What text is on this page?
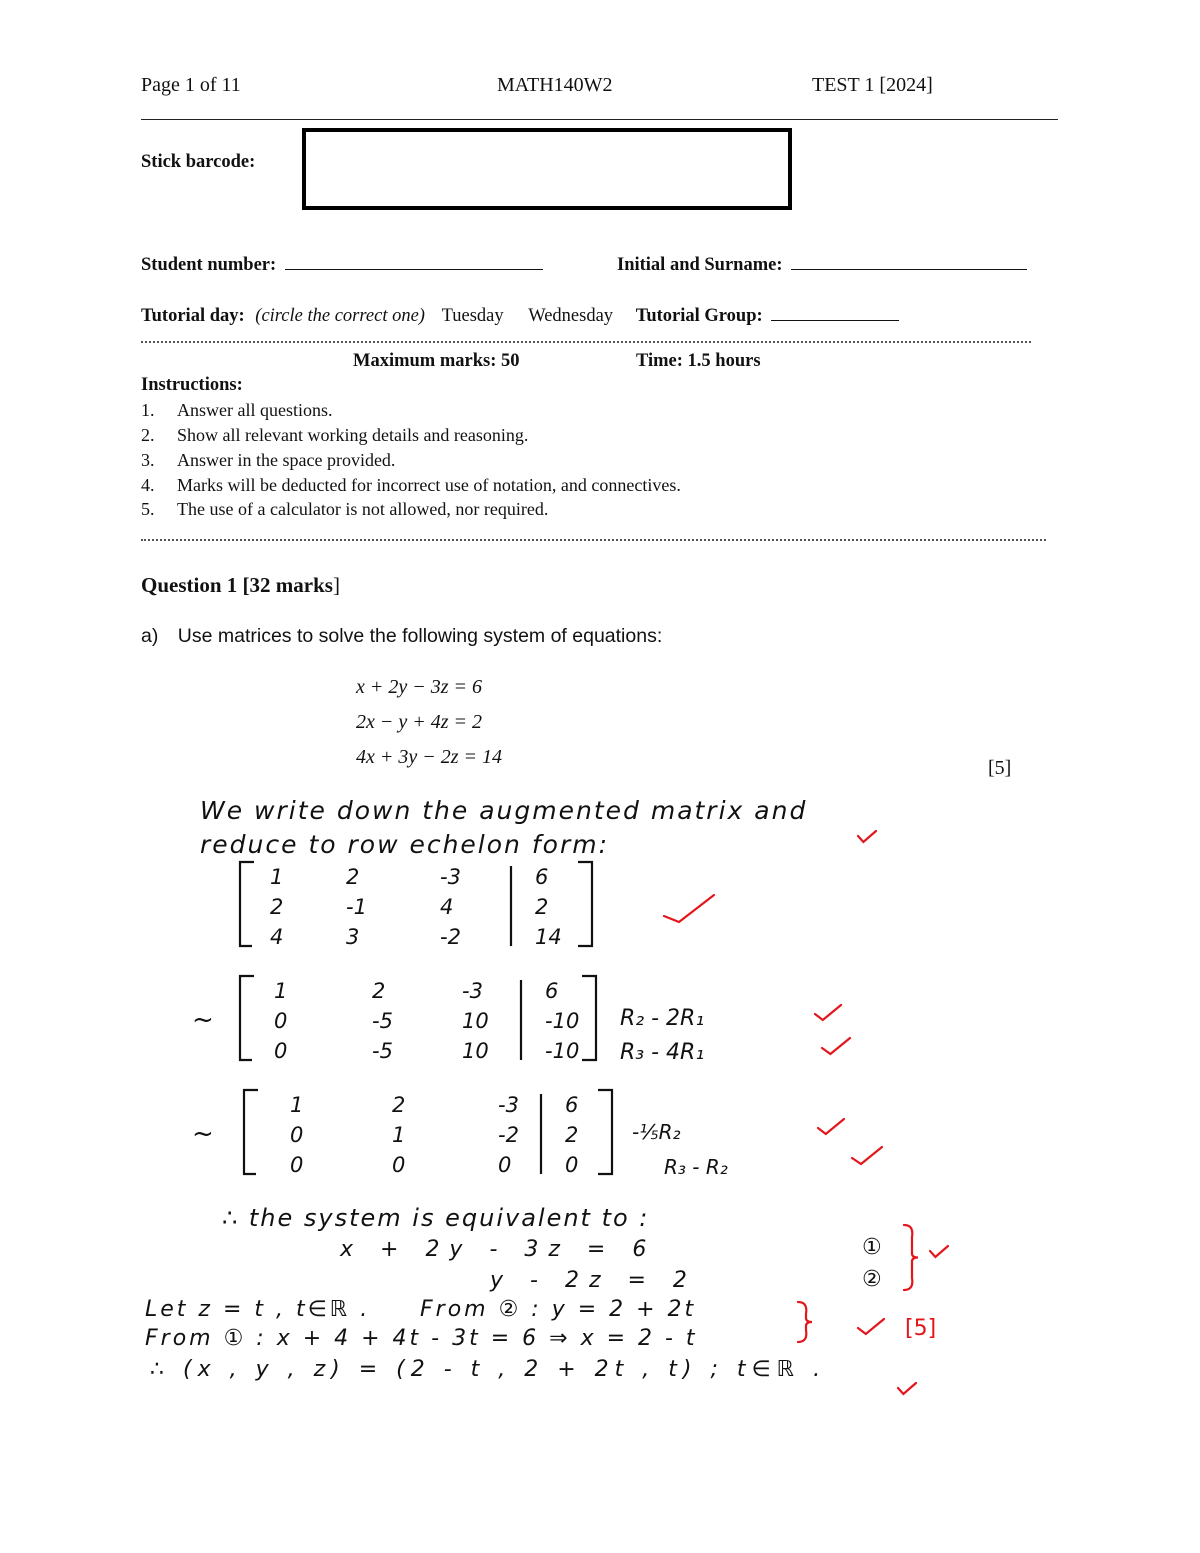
Page 1 of 11	MATH140W2	TEST 1 [2024]
Stick barcode:
Student number:	Initial and Surname:
Tutorial day: (circle the correct one) Tuesday Wednesday Tutorial Group:
Maximum marks: 50	Time: 1.5 hours
Instructions:
1. Answer all questions.
2. Show all relevant working details and reasoning.
3. Answer in the space provided.
4. Marks will be deducted for incorrect use of notation, and connectives.
5. The use of a calculator is not allowed, nor required.
Question 1 [32 marks]
a) Use matrices to solve the following system of equations:
x + 2y − 3z = 6
2x − y + 4z = 2
4x + 3y − 2z = 14	[5]
We write down the augmented matrix and
reduce to row echelon form:
1	2	-3	6
2	-1	4	2
4	3	-2	14
1	2	-3	6
0	-5	10	-10
0	-5	10	-10
~
1	2	-3 6
0	1	-2 2
0	0	0	0
~
R₂ - 2R₁
R₃ - 4R₁
-⅕R₂
R₃ - R₂
∴ the system is equivalent to :
x + 2y - 3z = 6
y - 2z = 2
①
②
Let z = t , t∈ℝ . From ② : y = 2 + 2t
From ① : x + 4 + 4t - 3t = 6 ⇒ x = 2 - t
∴ (x , y , z) = (2 - t , 2 + 2t , t) ; t∈ℝ .
[5]
